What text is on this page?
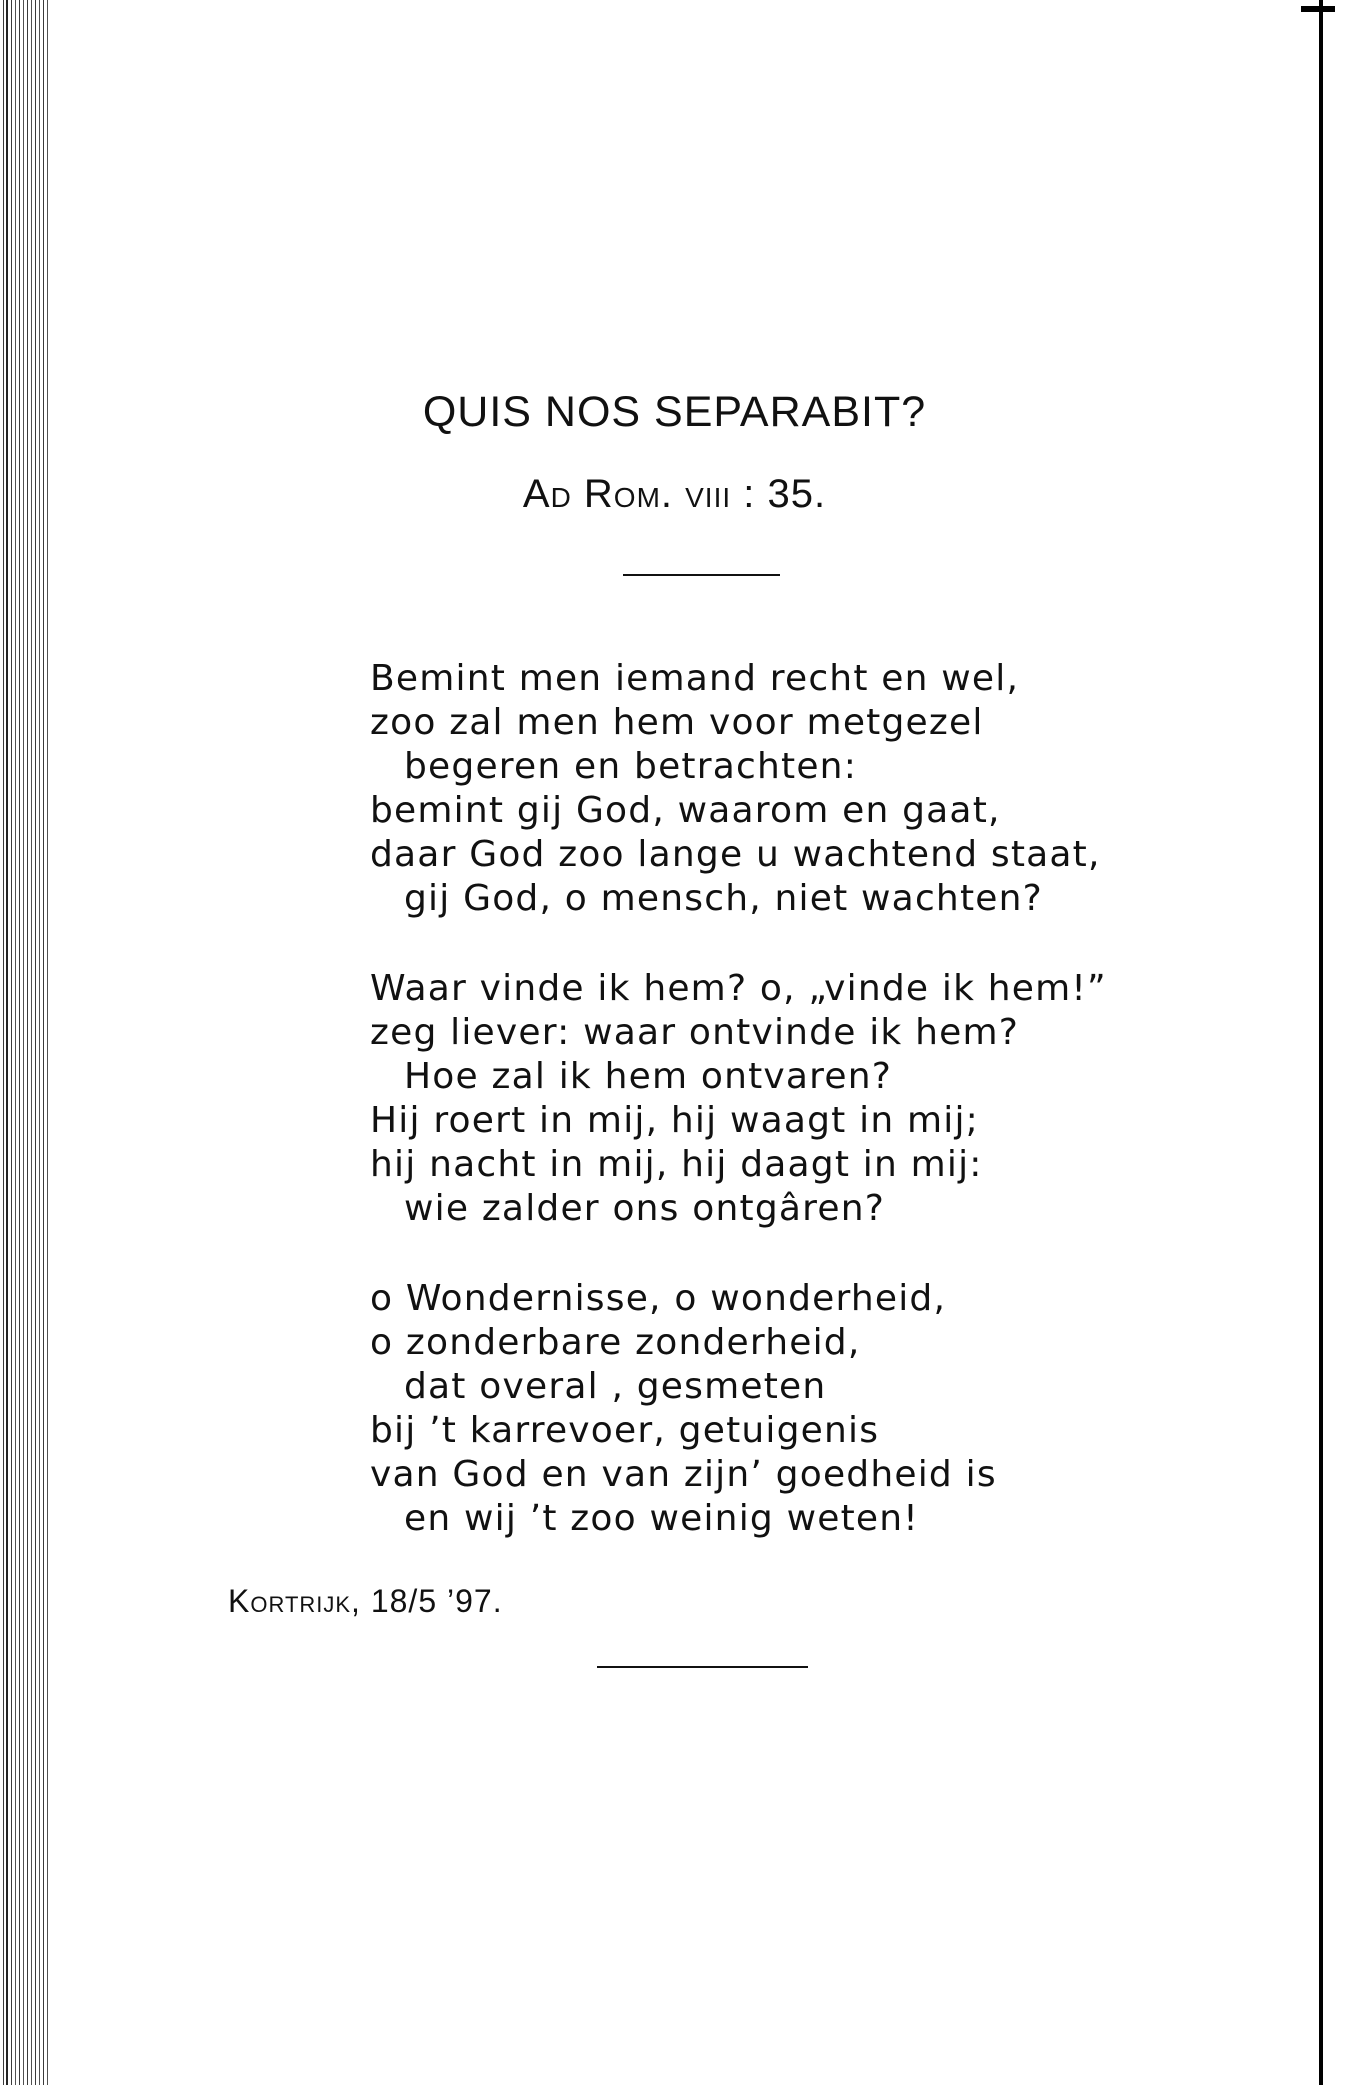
QUIS NOS SEPARABIT?
Ad Rom. viii : 35.
Bemint men iemand recht en wel,
zoo zal men hem voor metgezel
begeren en betrachten:
bemint gij God, waarom en gaat,
daar God zoo lange u wachtend staat,
gij God, o mensch, niet wachten?
Waar vinde ik hem? o, „vinde ik hem!”
zeg liever: waar ontvinde ik hem?
Hoe zal ik hem ontvaren?
Hij roert in mij, hij waagt in mij;
hij nacht in mij, hij daagt in mij:
wie zalder ons ontgâren?
o Wondernisse, o wonderheid,
o zonderbare zonderheid,
dat overal , gesmeten
bij ’t karrevoer, getuigenis
van God en van zijn’ goedheid is
en wij ’t zoo weinig weten!
Kortrijk, 18/5 ’97.
